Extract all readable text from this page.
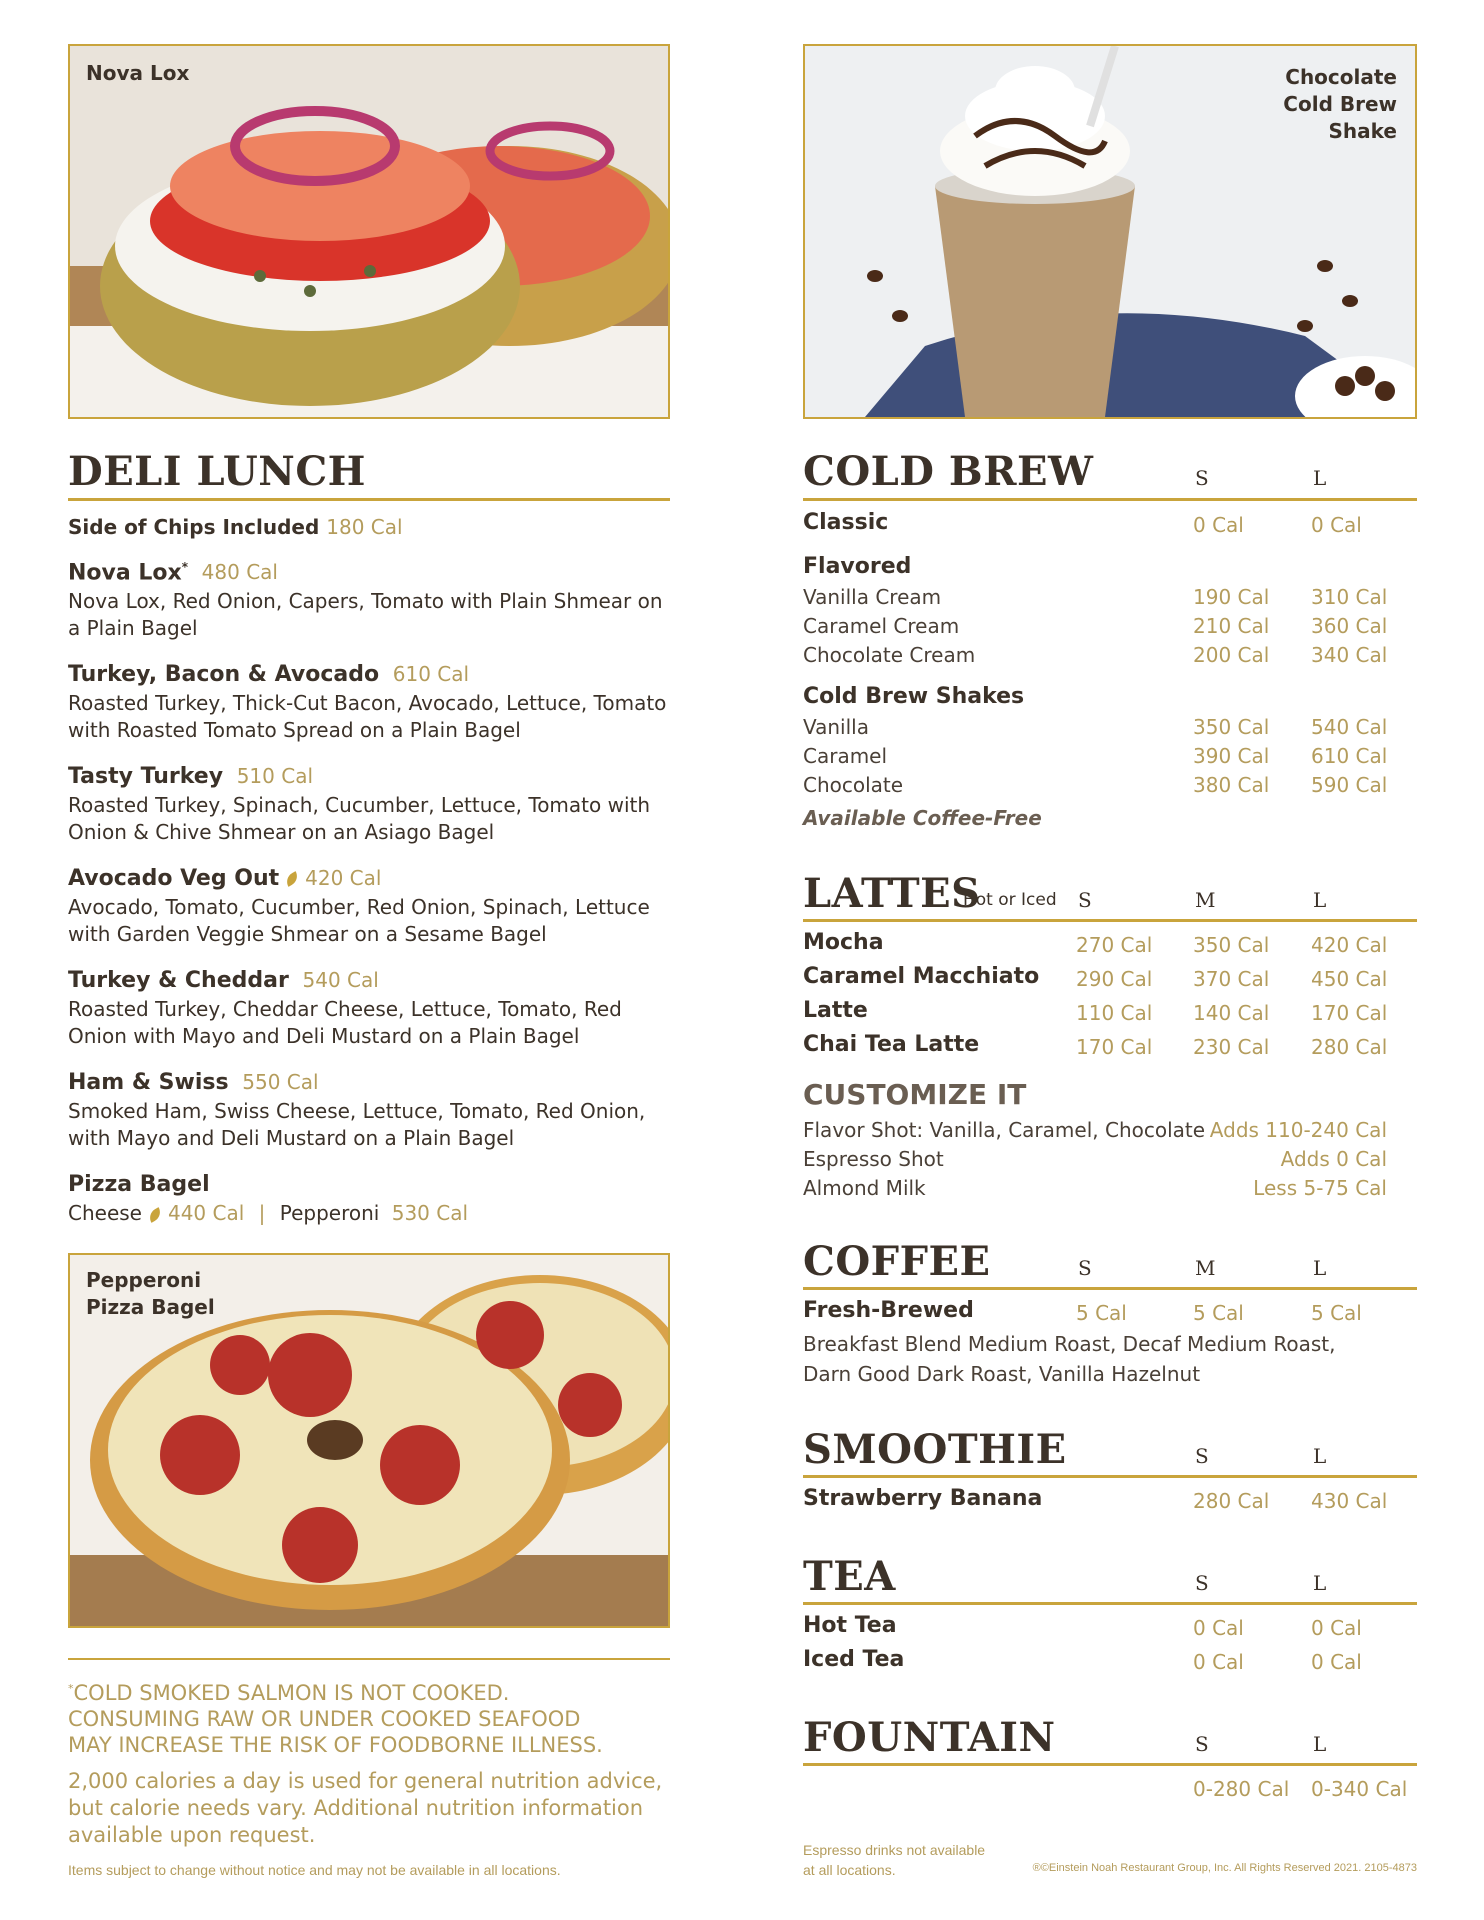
Nova Lox
DELI LUNCH
Side of Chips Included 180 Cal
Nova Lox* 480 Cal
Nova Lox, Red Onion, Capers, Tomato with Plain Shmear on a Plain Bagel
Turkey, Bacon & Avocado 610 Cal
Roasted Turkey, Thick-Cut Bacon, Avocado, Lettuce, Tomato with Roasted Tomato Spread on a Plain Bagel
Tasty Turkey 510 Cal
Roasted Turkey, Spinach, Cucumber, Lettuce, Tomato with Onion & Chive Shmear on an Asiago Bagel
Avocado Veg Out 420 Cal
Avocado, Tomato, Cucumber, Red Onion, Spinach, Lettuce with Garden Veggie Shmear on a Sesame Bagel
Turkey & Cheddar 540 Cal
Roasted Turkey, Cheddar Cheese, Lettuce, Tomato, Red Onion with Mayo and Deli Mustard on a Plain Bagel
Ham & Swiss 550 Cal
Smoked Ham, Swiss Cheese, Lettuce, Tomato, Red Onion, with Mayo and Deli Mustard on a Plain Bagel
Pizza Bagel
Cheese 440 Cal | Pepperoni 530 Cal
Pepperoni
Pizza Bagel
*COLD SMOKED SALMON IS NOT COOKED.
CONSUMING RAW OR UNDER COOKED SEAFOOD
MAY INCREASE THE RISK OF FOODBORNE ILLNESS.
2,000 calories a day is used for general nutrition advice,
but calorie needs vary. Additional nutrition information
available upon request.
Items subject to change without notice and may not be available in all locations.
Chocolate
Cold Brew
Shake
COLD BREW	S	L
Classic	0 Cal	0 Cal
Flavored
Vanilla Cream	190 Cal 310 Cal
Caramel Cream	210 Cal 360 Cal
Chocolate Cream	200 Cal 340 Cal
Cold Brew Shakes
Vanilla	350 Cal 540 Cal
Caramel	390 Cal 610 Cal
Chocolate	380 Cal 590 Cal
Available Coffee-Free
LATTES
Hot or Iced S	M	L
Mocha	270 Cal 350 Cal 420 Cal
Caramel Macchiato 290 Cal 370 Cal 450 Cal
Latte	110 Cal 140 Cal 170 Cal
Chai Tea Latte	170 Cal 230 Cal 280 Cal
CUSTOMIZE IT
Flavor Shot: Vanilla, Caramel, Chocolate Adds 110-240 Cal
Espresso Shot	Adds 0 Cal
Almond Milk	Less 5-75 Cal
COFFEE	S	M	L
Fresh-Brewed	5 Cal	5 Cal	5 Cal
Breakfast Blend Medium Roast, Decaf Medium Roast,
Darn Good Dark Roast, Vanilla Hazelnut
SMOOTHIE	S	L
Strawberry Banana	280 Cal 430 Cal
TEA	S	L
Hot Tea	0 Cal	0 Cal
Iced Tea	0 Cal	0 Cal
FOUNTAIN	S	L
0-280 Cal 0-340 Cal
Espresso drinks not available
at all locations.	®©Einstein Noah Restaurant Group, Inc. All Rights Reserved 2021. 2105-4873
